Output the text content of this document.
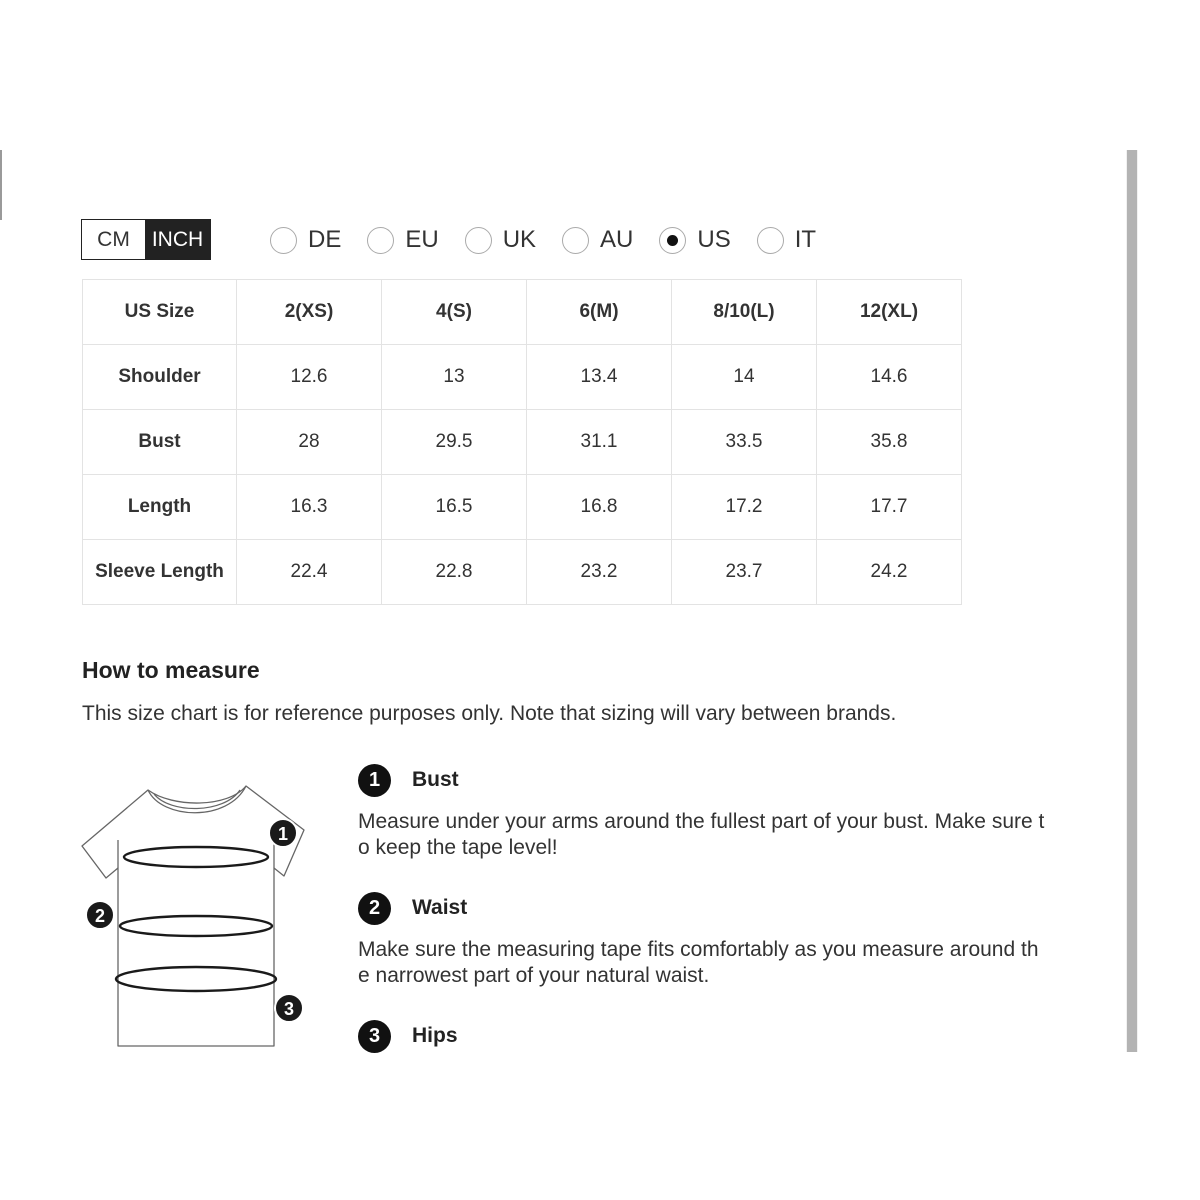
CM	INCH	DE	EU	UK	AU	US	IT
US Size	2(XS)	4(S)	6(M)	8/10(L)	12(XL)
Shoulder	12.6	13	13.4	14	14.6
Bust	28	29.5	31.1	33.5	35.8
Length	16.3	16.5	16.8	17.2	17.7
Sleeve Length	22.4	22.8	23.2	23.7	24.2
How to measure
This size chart is for reference purposes only. Note that sizing will vary between brands.
1
2
3
1	Bust
Measure under your arms around the fullest part of your bust. Make sure to keep the tape level!
2	Waist
Make sure the measuring tape fits comfortably as you measure around the narrowest part of your natural waist.
3	Hips
